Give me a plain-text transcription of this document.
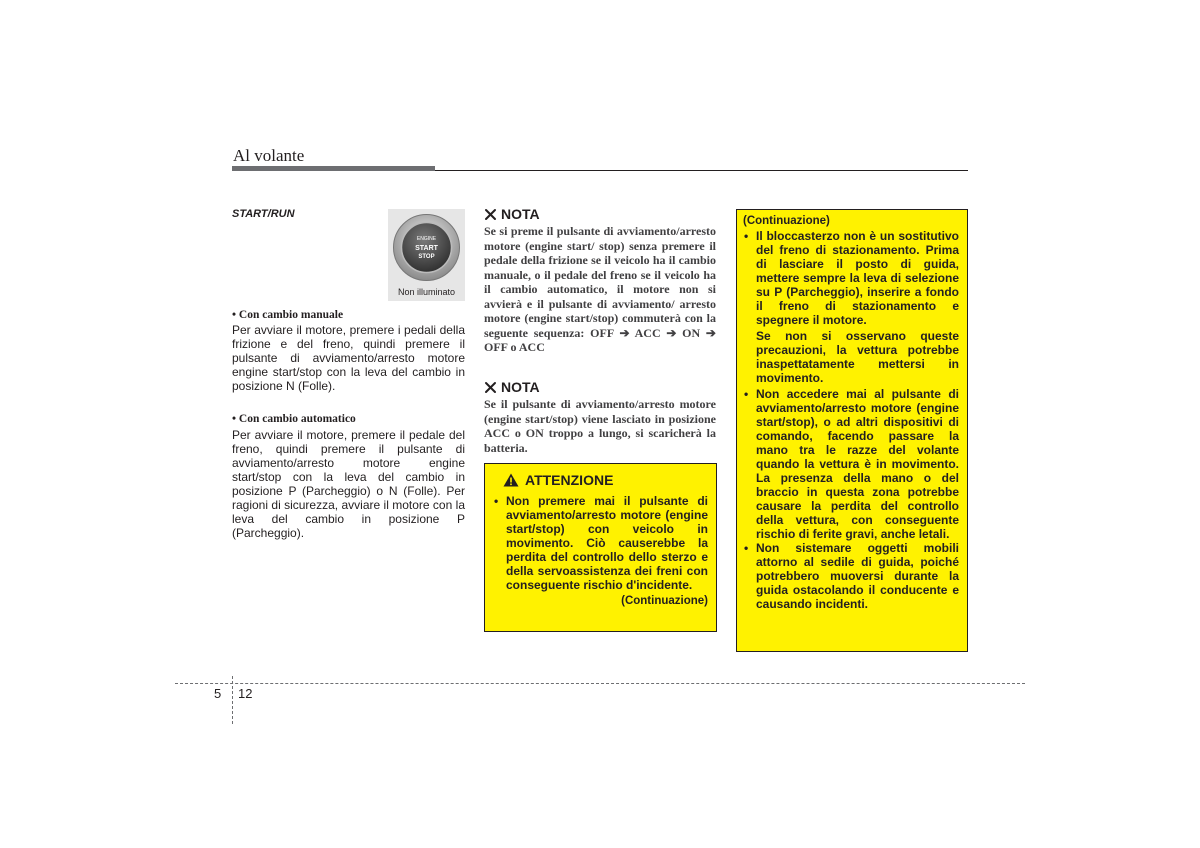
Al volante
START/RUN
ENGINE
START
STOP
Non illuminato
• Con cambio manuale
Per avviare il motore, premere i pedali della frizione e del freno, quindi premere il pulsante di avviamento/arresto motore engine start/stop con la leva del cambio in posizione N (Folle).
• Con cambio automatico
Per avviare il motore, premere il pedale del freno, quindi premere il pulsante di avviamento/arresto motore engine start/stop con la leva del cambio in posizione P (Parcheggio) o N (Folle). Per ragioni di sicurezza, avviare il motore con la leva del cambio in posizione P (Parcheggio).
NOTA
Se si preme il pulsante di avviamento/arresto motore (engine start/ stop) senza premere il pedale della frizione se il veicolo ha il cambio manuale, o il pedale del freno se il veicolo ha il cambio automatico, il motore non si avvierà e il pulsante di avviamento/ arresto motore (engine start/stop) commuterà con la seguente sequenza: OFF ➔ ACC ➔ ON ➔ OFF o ACC
NOTA
Se il pulsante di avviamento/arresto motore (engine start/stop) viene lasciato in posizione ACC o ON troppo a lungo, si scaricherà la batteria.
ATTENZIONE
• Non premere mai il pulsante di avviamento/arresto motore (engine start/stop) con veicolo in movimento. Ciò causerebbe la perdita del controllo dello sterzo e della servoassistenza dei freni con conseguente rischio d'incidente.
(Continuazione)
(Continuazione)
• Il bloccasterzo non è un sostitutivo del freno di stazionamento. Prima di lasciare il posto di guida, mettere sempre la leva di selezione su P (Parcheggio), inserire a fondo il freno di stazionamento e spegnere il motore.
Se non si osservano queste precauzioni, la vettura potrebbe inaspettatamente mettersi in movimento.
• Non accedere mai al pulsante di avviamento/arresto motore (engine start/stop), o ad altri dispositivi di comando, facendo passare la mano tra le razze del volante quando la vettura è in movimento. La presenza della mano o del braccio in questa zona potrebbe causare la perdita del controllo della vettura, con conseguente rischio di ferite gravi, anche letali.
• Non sistemare oggetti mobili attorno al sedile di guida, poiché potrebbero muoversi durante la guida ostacolando il conducente e causando incidenti.
5 12
